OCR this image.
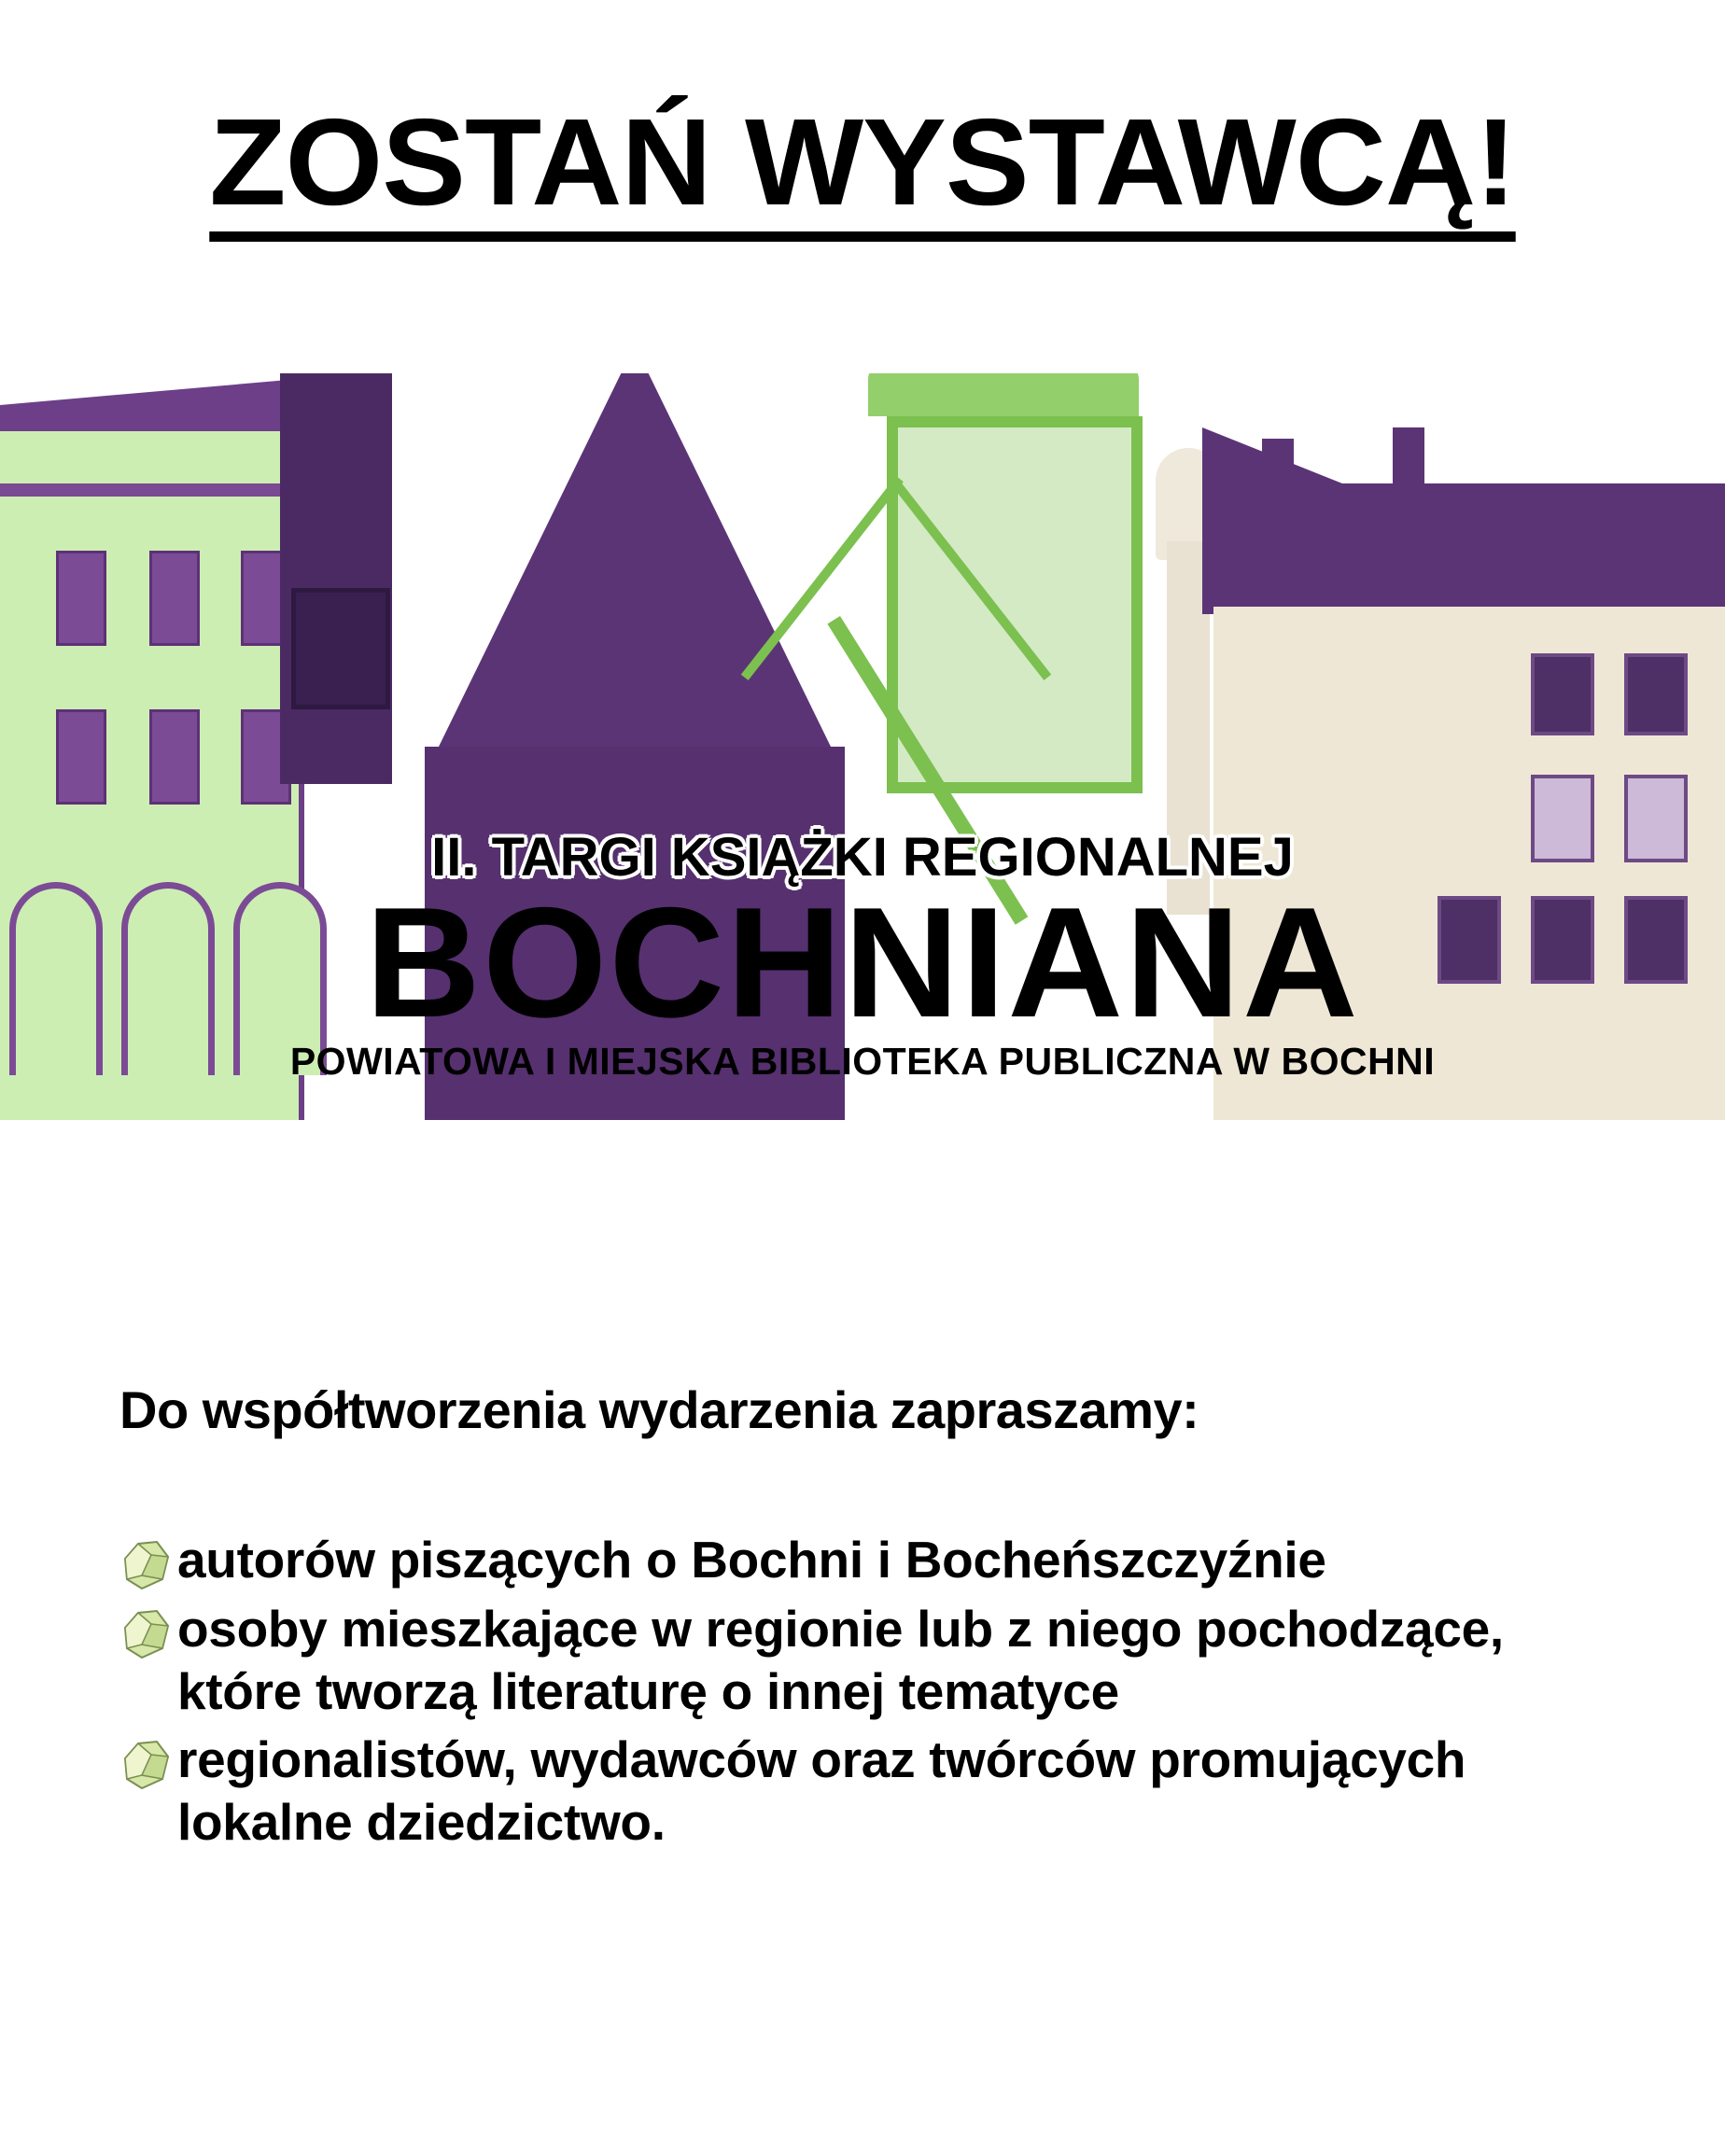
ZOSTAŃ WYSTAWCĄ!
II. TARGI KSIĄŻKI REGIONALNEJ
BOCHNIANA
POWIATOWA I MIEJSKA BIBLIOTEKA PUBLICZNA W BOCHNI
Do współtworzenia wydarzenia zapraszamy:
autorów piszących o Bochni i Bocheńszczyźnie
osoby mieszkające w regionie lub z niego pochodzące, które tworzą literaturę o innej tematyce
regionalistów, wydawców oraz twórców promujących lokalne dziedzictwo.
